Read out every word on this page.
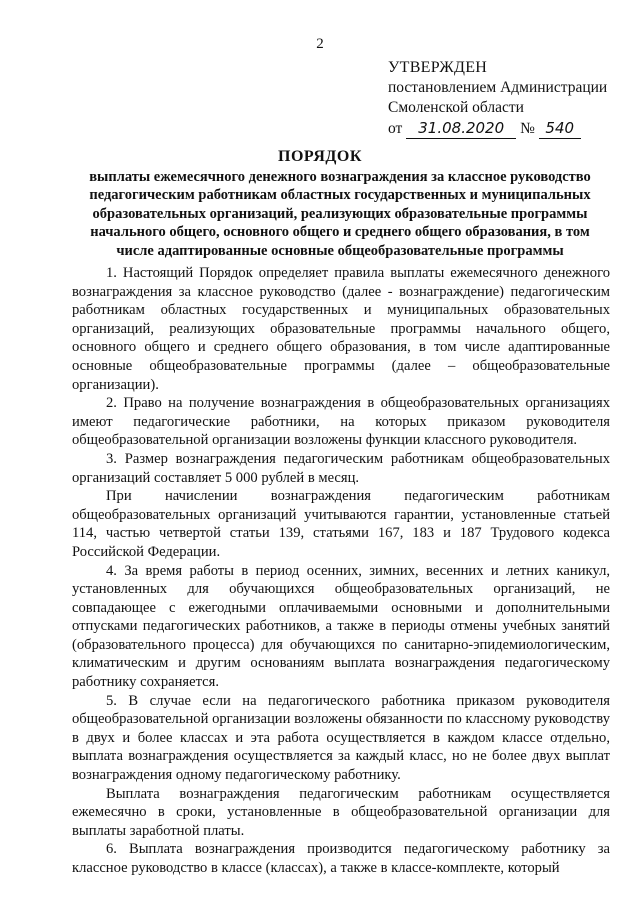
2
УТВЕРЖДЕН
постановлением Администрации
Смоленской области
от 31.08.2020 № 540
ПОРЯДОК
выплаты ежемесячного денежного вознаграждения за классное руководство педагогическим работникам областных государственных и муниципальных образовательных организаций, реализующих образовательные программы начального общего, основного общего и среднего общего образования, в том числе адаптированные основные общеобразовательные программы

1. Настоящий Порядок определяет правила выплаты ежемесячного денежного вознаграждения за классное руководство (далее - вознаграждение) педагогическим работникам областных государственных и муниципальных образовательных организаций, реализующих образовательные программы начального общего, основного общего и среднего общего образования, в том числе адаптированные основные общеобразовательные программы (далее – общеобразовательные организации).

2. Право на получение вознаграждения в общеобразовательных организациях имеют педагогические работники, на которых приказом руководителя общеобразовательной организации возложены функции классного руководителя.

3. Размер вознаграждения педагогическим работникам общеобразовательных организаций составляет 5 000 рублей в месяц.

При начислении вознаграждения педагогическим работникам общеобразовательных организаций учитываются гарантии, установленные статьей 114, частью четвертой статьи 139, статьями 167, 183 и 187 Трудового кодекса Российской Федерации.

4. За время работы в период осенних, зимних, весенних и летних каникул, установленных для обучающихся общеобразовательных организаций, не совпадающее с ежегодными оплачиваемыми основными и дополнительными отпусками педагогических работников, а также в периоды отмены учебных занятий (образовательного процесса) для обучающихся по санитарно-эпидемиологическим, климатическим и другим основаниям выплата вознаграждения педагогическому работнику сохраняется.

5. В случае если на педагогического работника приказом руководителя общеобразовательной организации возложены обязанности по классному руководству в двух и более классах и эта работа осуществляется в каждом классе отдельно, выплата вознаграждения осуществляется за каждый класс, но не более двух выплат вознаграждения одному педагогическому работнику.

Выплата вознаграждения педагогическим работникам осуществляется ежемесячно в сроки, установленные в общеобразовательной организации для выплаты заработной платы.

6. Выплата вознаграждения производится педагогическому работнику за классное руководство в классе (классах), а также в классе-комплекте, который
